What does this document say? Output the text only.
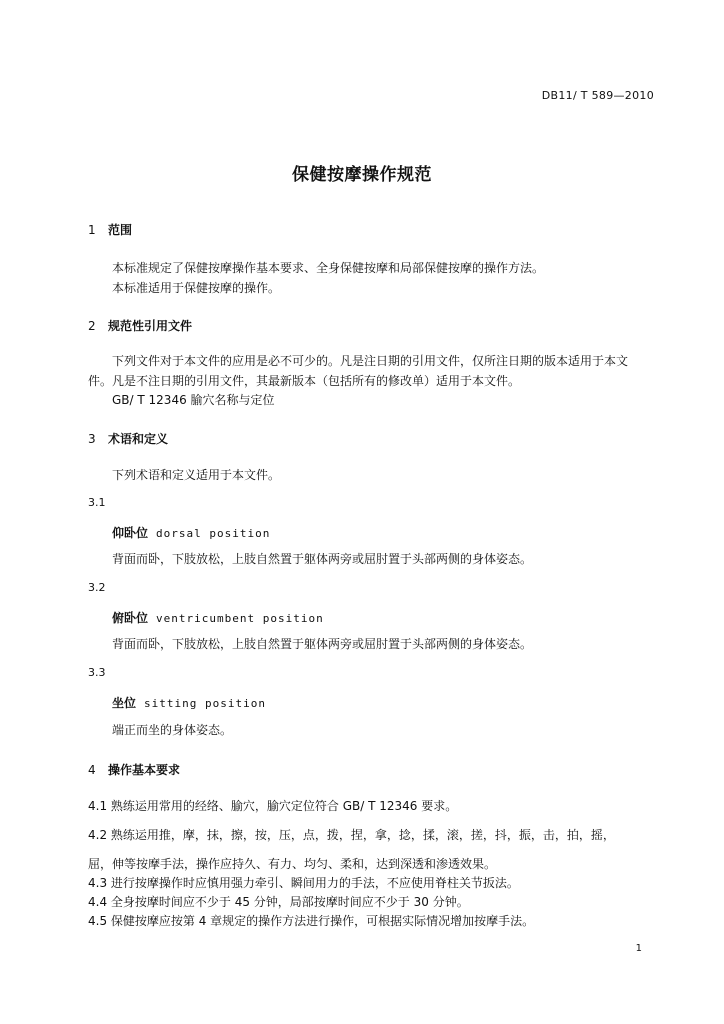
DB11/ T 589—2010
保健按摩操作规范
1 范围
本标准规定了保健按摩操作基本要求、全身保健按摩和局部保健按摩的操作方法。
本标准适用于保健按摩的操作。
2 规范性引用文件
下列文件对于本文件的应用是必不可少的。凡是注日期的引用文件，仅所注日期的版本适用于本文
件。凡是不注日期的引用文件，其最新版本（包括所有的修改单）适用于本文件。
GB/ T 12346 腧穴名称与定位
3 术语和定义
下列术语和定义适用于本文件。
3.1
仰卧位 dorsal position
背面而卧，下肢放松，上肢自然置于躯体两旁或屈肘置于头部两侧的身体姿态。
3.2
俯卧位 ventricumbent position
背面而卧，下肢放松，上肢自然置于躯体两旁或屈肘置于头部两侧的身体姿态。
3.3
坐位 sitting position
端正而坐的身体姿态。
4 操作基本要求
4.1 熟练运用常用的经络、腧穴，腧穴定位符合 GB/ T 12346 要求。
4.2 熟练运用推，摩，抹，擦，按，压，点，拨，捏，拿，捻，揉，滚，搓，抖，振，击，拍，摇，
屈，伸等按摩手法，操作应持久、有力、均匀、柔和，达到深透和渗透效果。
4.3 进行按摩操作时应慎用强力牵引、瞬间用力的手法，不应使用脊柱关节扳法。
4.4 全身按摩时间应不少于 45 分钟，局部按摩时间应不少于 30 分钟。
4.5 保健按摩应按第 4 章规定的操作方法进行操作，可根据实际情况增加按摩手法。
1
